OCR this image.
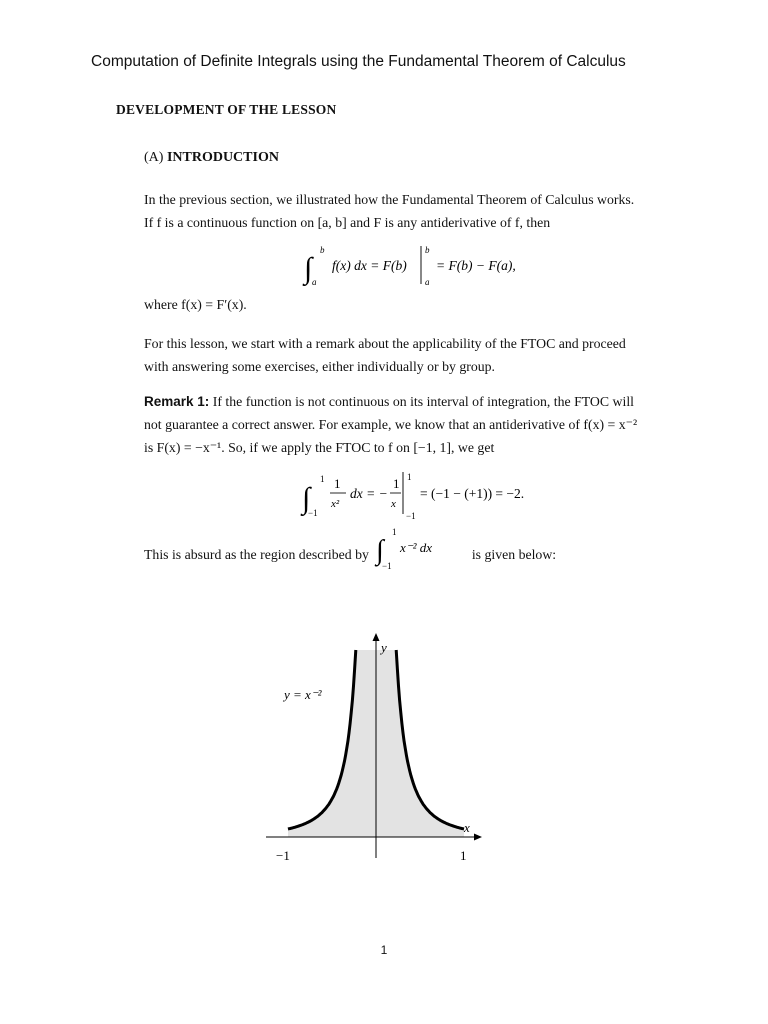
Computation of Definite Integrals using the Fundamental Theorem of Calculus
DEVELOPMENT OF THE LESSON
(A) INTRODUCTION
In the previous section, we illustrated how the Fundamental Theorem of Calculus works.
If f is a continuous function on [a, b] and F is any antiderivative of f, then
∫
b
a
f(x) dx = F(b)
b
a
= F(b) − F(a),
where f(x) = F′(x).
For this lesson, we start with a remark about the applicability of the FTOC and proceed
with answering some exercises, either individually or by group.
Remark 1: If the function is not continuous on its interval of integration, the FTOC will
not guarantee a correct answer. For example, we know that an antiderivative of f(x) = x⁻²
is F(x) = −x⁻¹. So, if we apply the FTOC to f on [−1, 1], we get
∫
1
−1
1
x²
dx = −
1
x
1
−1
= (−1 − (+1)) = −2.
This is absurd as the region described by ∫
1
−1
x⁻² dx	is given below:
y
x
y = x⁻²
−1	1
1
